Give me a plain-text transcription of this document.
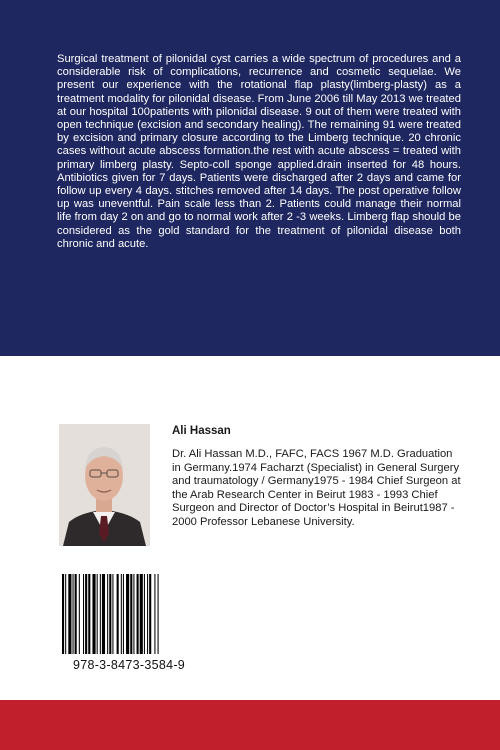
Surgical treatment of pilonidal cyst carries a wide spectrum of procedures and a considerable risk of complications, recurrence and cosmetic sequelae. We present our experience with the rotational flap plasty(limberg-plasty) as a treatment modality for pilonidal disease. From June 2006 till May 2013 we treated at our hospital 100patients with pilonidal disease. 9 out of them were treated with open technique (excision and secondary healing). The remaining 91 were treated by excision and primary closure according to the Limberg technique. 20 chronic cases without acute abscess formation.the rest with acute abscess = treated with primary limberg plasty. Septo-coll sponge applied.drain inserted for 48 hours. Antibiotics given for 7 days. Patients were discharged after 2 days and came for follow up every 4 days. stitches removed after 14 days. The post operative follow up was uneventful. Pain scale less than 2. Patients could manage their normal life from day 2 on and go to normal work after 2 -3 weeks. Limberg flap should be considered as the gold standard for the treatment of pilonidal disease both chronic and acute.

Ali Hassan

Dr. Ali Hassan M.D., FAFC, FACS 1967 M.D. Graduation in Germany.1974 Facharzt (Specialist) in General Surgery and traumatology / Germany1975 - 1984 Chief Surgeon at the Arab Research Center in Beirut 1983 - 1993 Chief Surgeon and Director of Doctor’s Hospital in Beirut1987 - 2000 Professor Lebanese University.

978-3-8473-3584-9
